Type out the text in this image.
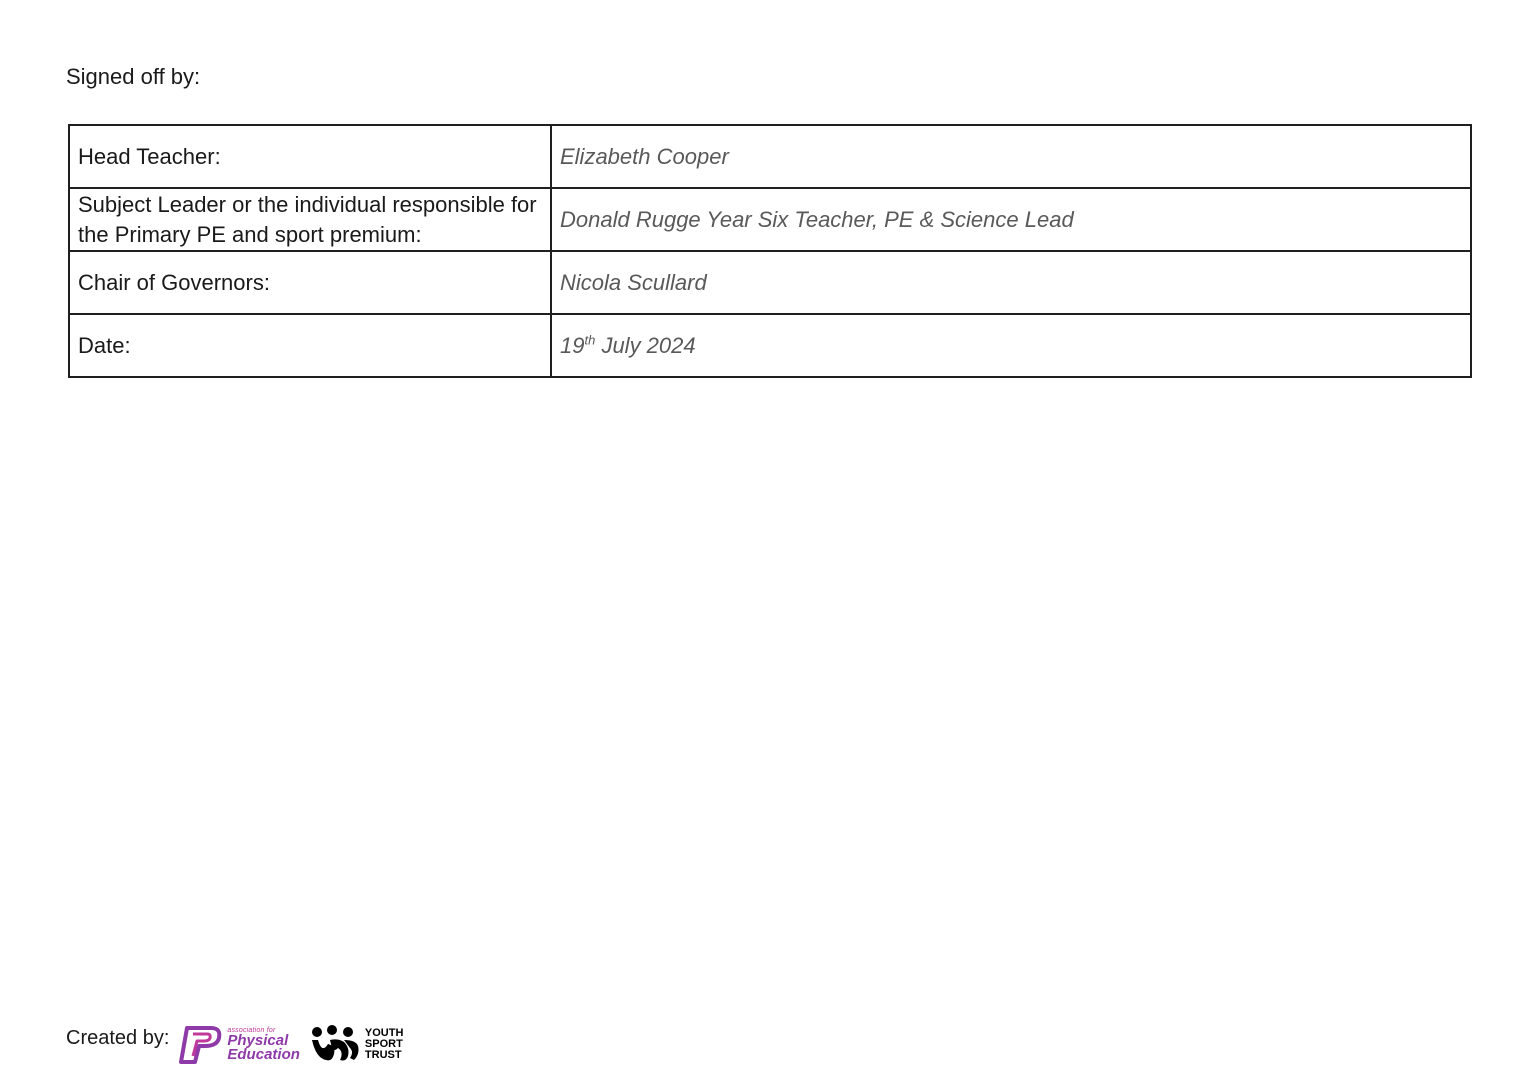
Signed off by:
Head Teacher:	Elizabeth Cooper
Subject Leader or the individual responsible for the Primary PE and sport premium:	Donald Rugge Year Six Teacher, PE & Science Lead
Chair of Governors:	Nicola Scullard
Date:	19th July 2024
Created by:	association for
Physical
Education
YOUTH
SPORT
TRUST
